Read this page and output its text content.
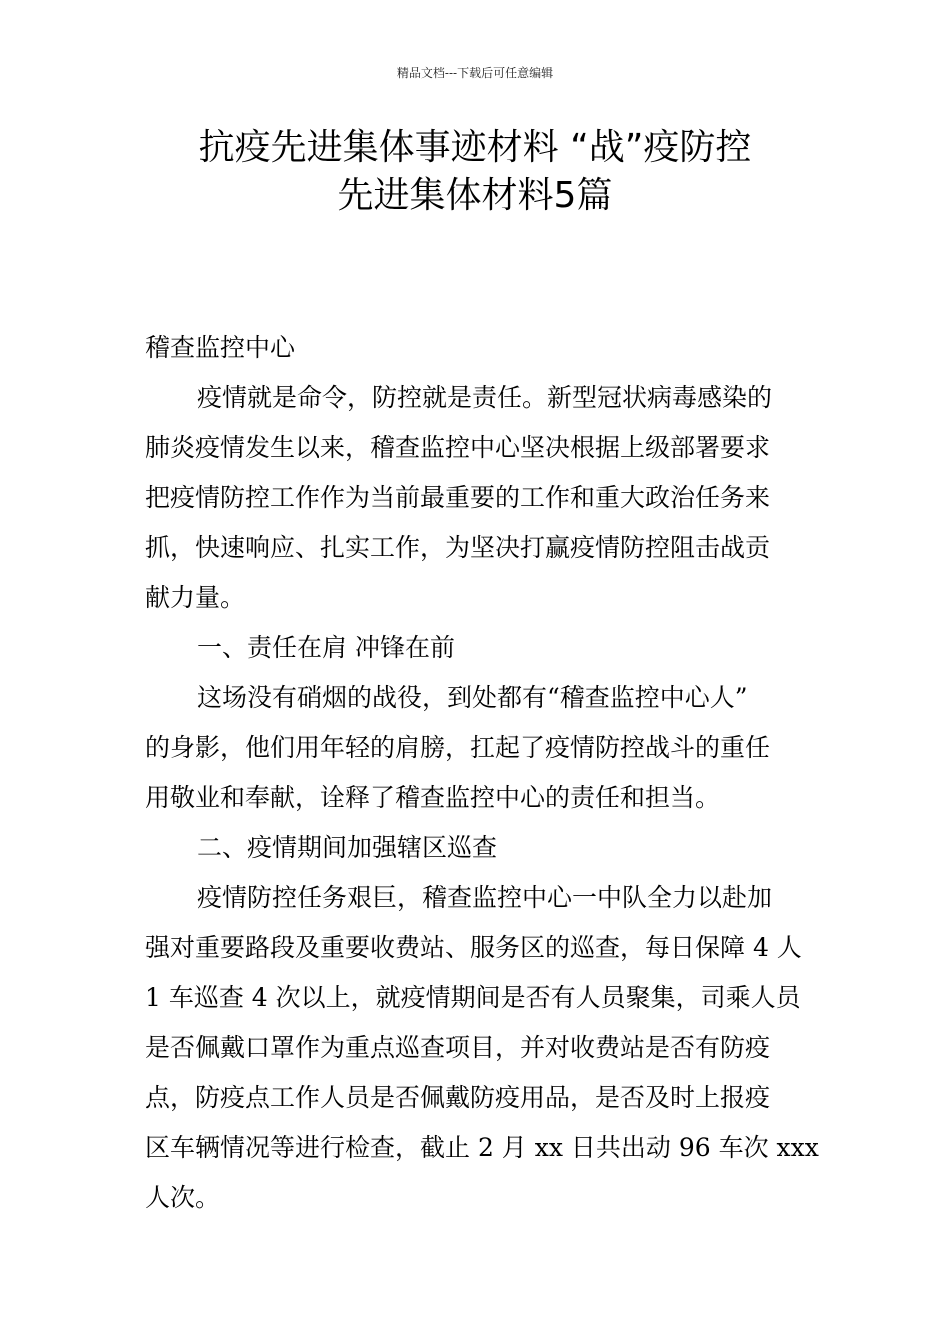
精品文档---下载后可任意编辑
抗疫先进集体事迹材料 “战”疫防控
先进集体材料5篇

稽查监控中心

疫情就是命令，防控就是责任。新型冠状病毒感染的

肺炎疫情发生以来，稽查监控中心坚决根据上级部署要求

把疫情防控工作作为当前最重要的工作和重大政治任务来

抓，快速响应、扎实工作，为坚决打赢疫情防控阻击战贡

献力量。

一、责任在肩 冲锋在前

这场没有硝烟的战役，到处都有“稽查监控中心人”

的身影，他们用年轻的肩膀，扛起了疫情防控战斗的重任

用敬业和奉献，诠释了稽查监控中心的责任和担当。

二、疫情期间加强辖区巡查

疫情防控任务艰巨，稽查监控中心一中队全力以赴加

强对重要路段及重要收费站、服务区的巡查，每日保障 4 人

1 车巡查 4 次以上，就疫情期间是否有人员聚集，司乘人员

是否佩戴口罩作为重点巡查项目，并对收费站是否有防疫

点，防疫点工作人员是否佩戴防疫用品，是否及时上报疫

区车辆情况等进行检查，截止 2 月 xx 日共出动 96 车次 xxx

人次。
